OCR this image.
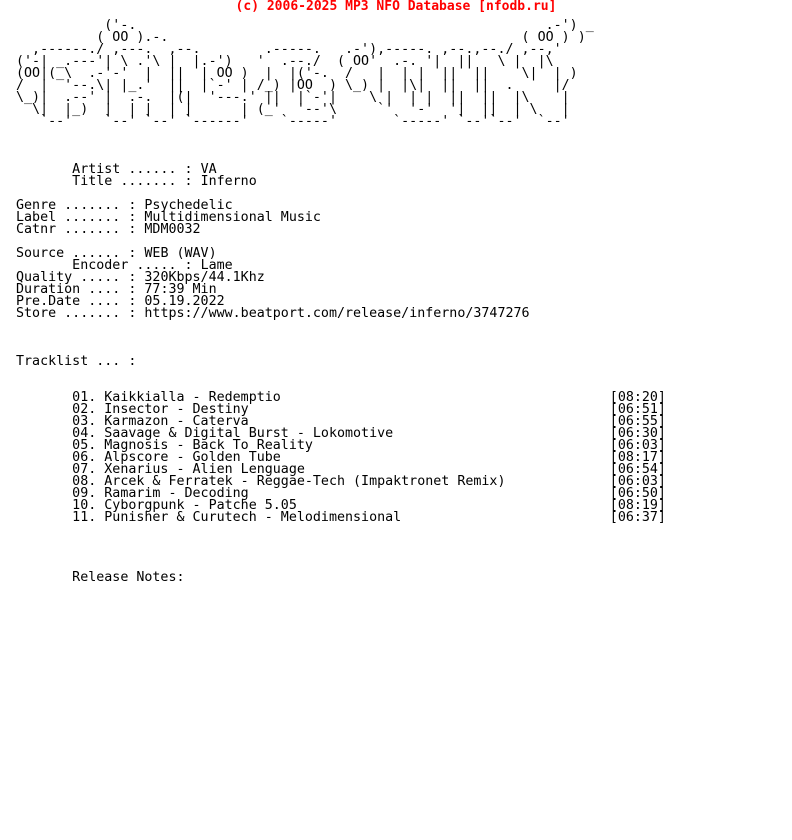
(c) 2006-2025 MP3 NFO Database [nfodb.ru]
('-.                                                   .-') _
( OO ).-.                                            ( OO ) )
,------./ ,---.  ,--.        .-----.   .-'),-----. ,--.,--./ ,--,'
('-| _.---'| \ .'\ |  |.-')   '  .--./  ( OO'  .-. '|  ||   \ |  |\
(OO|(_\  .-'-'  |  ||  | OO )  |  |('-.  /   |  | |  ||  ||    \|  | )
/  |  '--.\| |_.'  ||  |`-' | /_) |OO  ) \_) |  |\|  ||  ||  .     |/
\_)|  .--' |  .-.  |(|  '---.' ||  |`-'|    \ |  | |  ||  ||  |\    |
\|  |_)  |  | |  | |      | (_'  '--'\     `'  '-'  '|  ||  | \   |
`--'    `--' `--' `------'    `-----'       `-----' `--'`--'  `--'
Artist ...... : VA
Title ....... : Inferno
Genre ....... : Psychedelic
Label ....... : Multidimensional Music
Catnr ....... : MDM0032
Source ...... : WEB (WAV)
Encoder ..... : Lame
Quality ..... : 320Kbps/44.1Khz
Duration .... : 77:39 Min
Pre.Date .... : 05.19.2022
Store ....... : https://www.beatport.com/release/inferno/3747276
Tracklist ... :
01. Kaikkialla - Redemptio                                         [08:20]
02. Insector - Destiny                                             [06:51]
03. Karmazon - Caterva                                             [06:55]
04. Saavage & Digital Burst - Lokomotive                           [06:30]
05. Magnosis - Back To Reality                                     [06:03]
06. Alpscore - Golden Tube                                         [08:17]
07. Xenarius - Alien Lenguage                                      [06:54]
08. Arcek & Ferratek - Reggae-Tech (Impaktronet Remix)             [06:03]
09. Ramarim - Decoding                                             [06:50]
10. Cyborgpunk - Patche 5.05                                       [08:19]
11. Punisher & Curutech - Melodimensional                          [06:37]
Release Notes:
